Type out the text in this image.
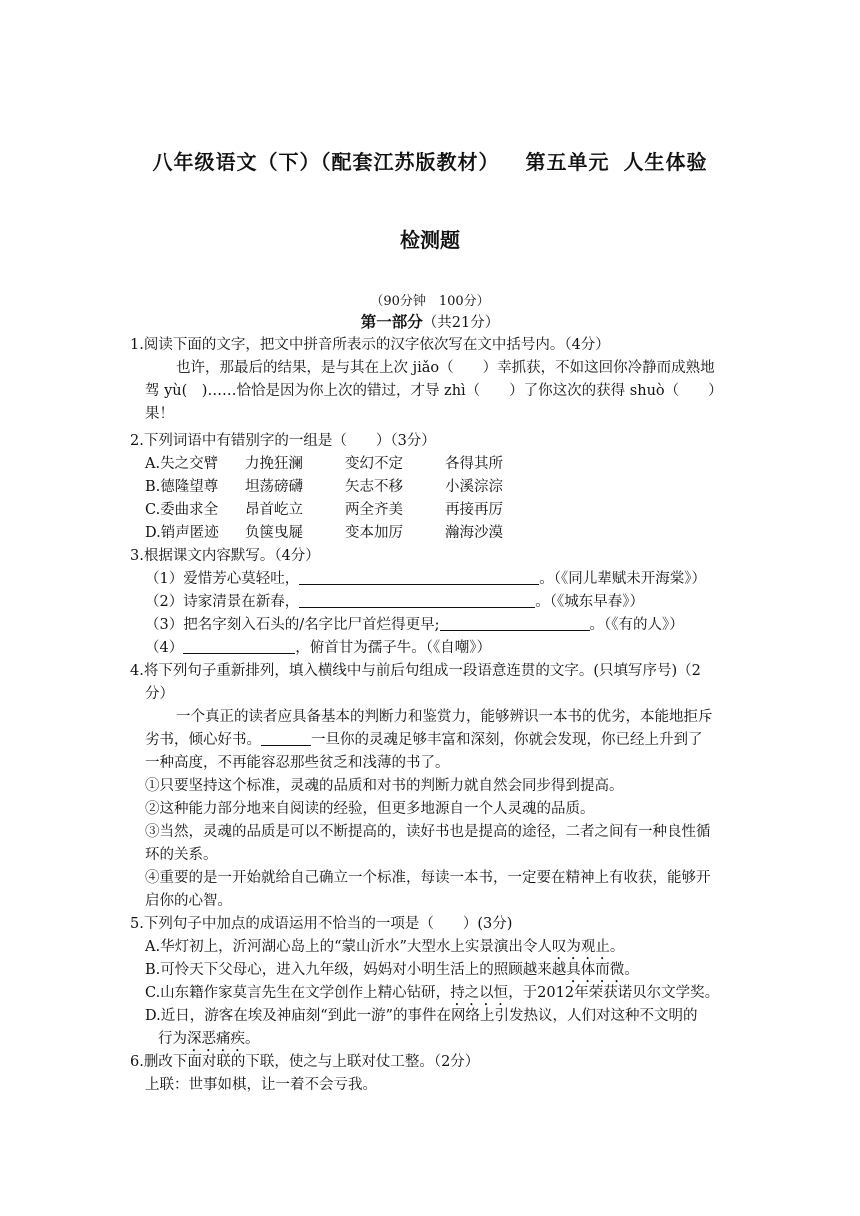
八年级语文（下）（配套江苏版教材） 第五单元 人生体验
检测题
（90分钟　100分）
第一部分（共21分）
1.阅读下面的文字，把文中拼音所表示的汉字依次写在文中括号内。（4分）
也许，那最后的结果，是与其在上次 jiǎo（　　）幸抓获，不如这回你冷静而成熟地
驾 yù(　)……恰恰是因为你上次的错过，才导 zhì（　　）了你这次的获得 shuò（　　）
果！
2.下列词语中有错别字的一组是（　　）（3分）
A.失之交臂 力挽狂澜	变幻不定	各得其所
B.德隆望尊 坦荡磅礴	矢志不移	小溪淙淙
C.委曲求全 昂首屹立	两全齐美	再接再厉
D.销声匿迹 负箧曳屣	变本加厉	瀚海沙漠
3.根据课文内容默写。（4分）
（1）爱惜芳心莫轻吐，	。（《同儿辈赋未开海棠》）
（2）诗家清景在新春，	。（《城东早春》）
（3）把名字刻入石头的/名字比尸首烂得更早;	。（《有的人》）
（4）	，俯首甘为孺子牛。（《自嘲》）
4.将下列句子重新排列，填入横线中与前后句组成一段语意连贯的文字。(只填写序号)（2
分）
一个真正的读者应具备基本的判断力和鉴赏力，能够辨识一本书的优劣，本能地拒斥
劣书，倾心好书。	一旦你的灵魂足够丰富和深刻，你就会发现，你已经上升到了
一种高度，不再能容忍那些贫乏和浅薄的书了。
①只要坚持这个标准，灵魂的品质和对书的判断力就自然会同步得到提高。
②这种能力部分地来自阅读的经验，但更多地源自一个人灵魂的品质。
③当然，灵魂的品质是可以不断提高的，读好书也是提高的途径，二者之间有一种良性循
环的关系。
④重要的是一开始就给自己确立一个标准，每读一本书，一定要在精神上有收获，能够开
启你的心智。
5.下列句子中加点的成语运用不恰当的一项是（　　）(3分)
A.华灯初上，沂河湖心岛上的“蒙山沂水”大型水上实景演出令人叹为观止。
B.可怜天下父母心，进入九年级，妈妈对小明生活上的照顾越来越具体而微。
C.山东籍作家莫言先生在文学创作上精心钻研，持之以恒，于2012年荣获诺贝尔文学奖。
D.近日，游客在埃及神庙刻“到此一游”的事件在网络上引发热议，人们对这种不文明的
行为深恶痛疾。
6.删改下面对联的下联，使之与上联对仗工整。（2分）
上联：世事如棋，让一着不会亏我。
